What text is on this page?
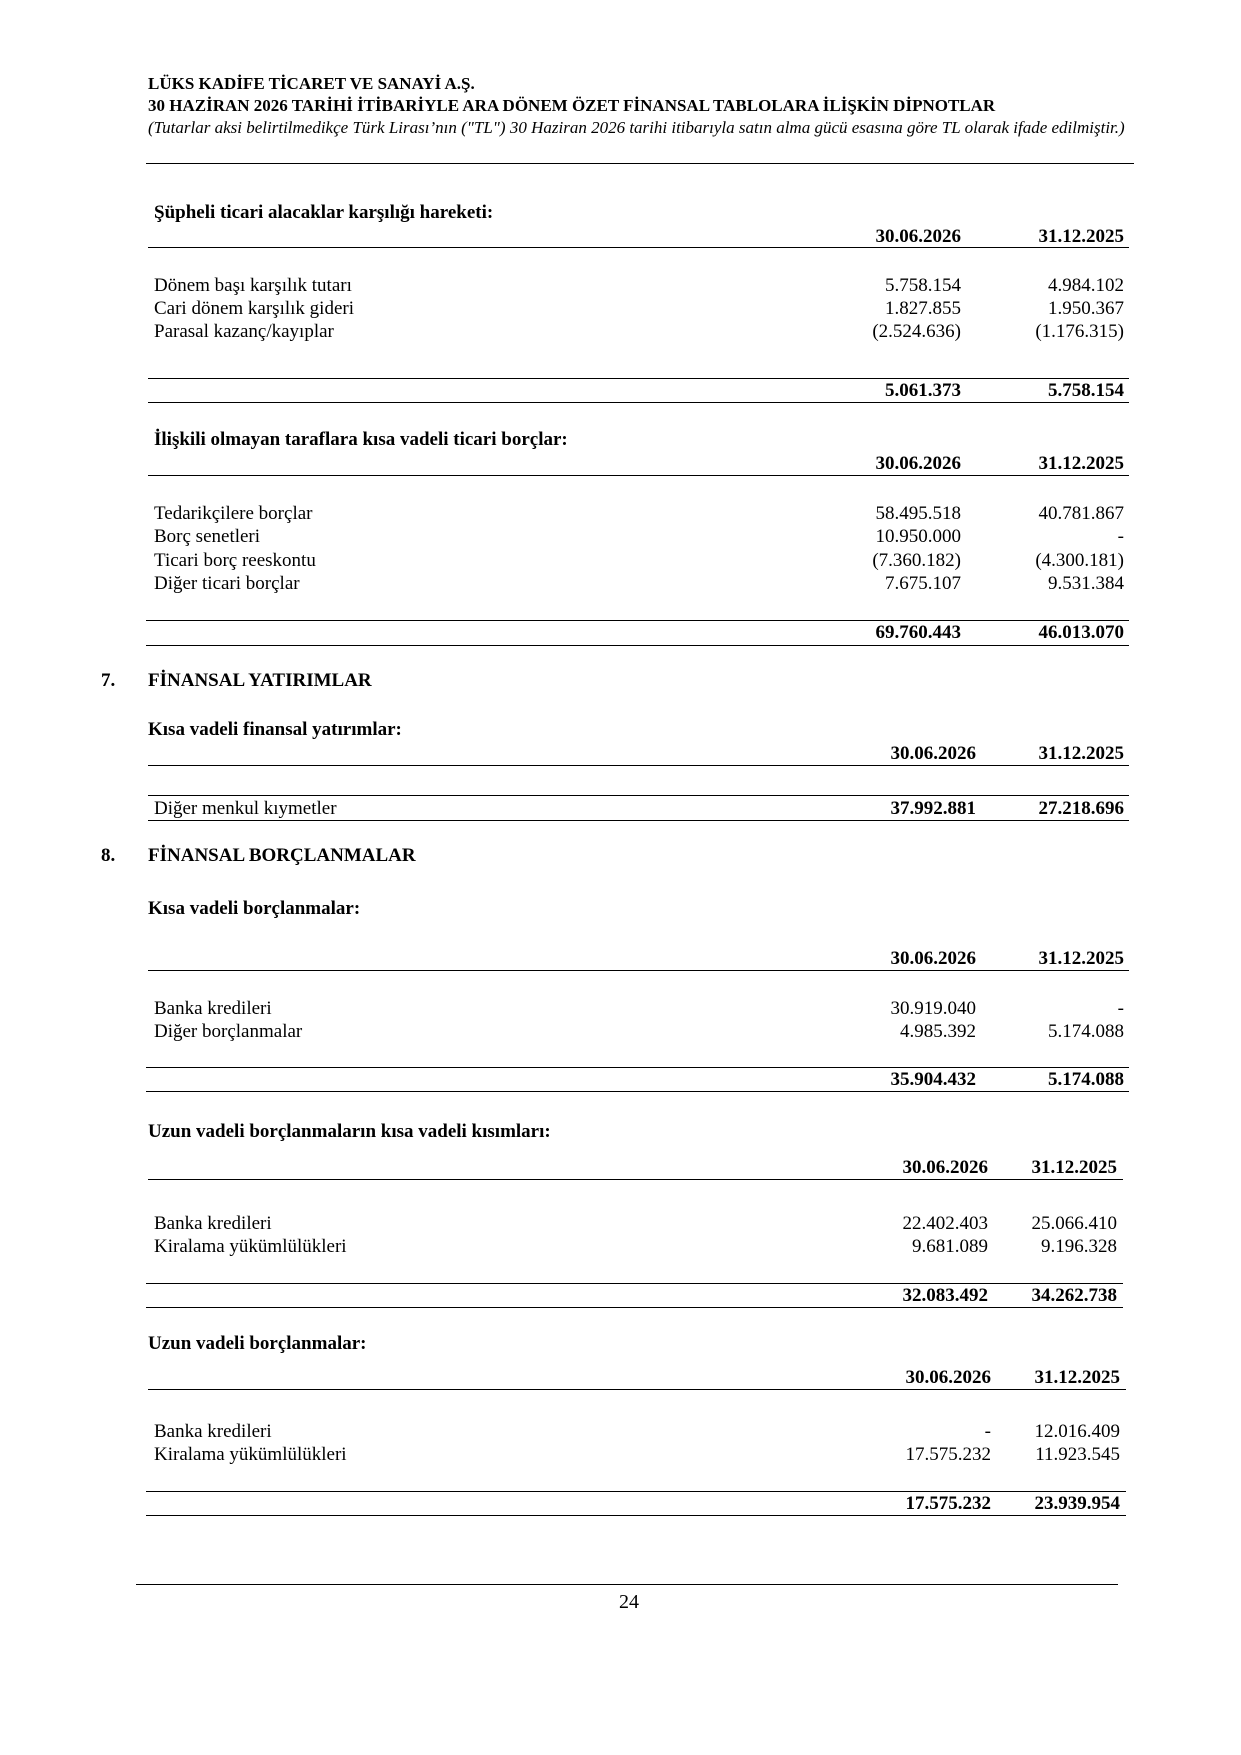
LÜKS KADİFE TİCARET VE SANAYİ A.Ş.
30 HAZİRAN 2026 TARİHİ İTİBARİYLE ARA DÖNEM ÖZET FİNANSAL TABLOLARA İLİŞKİN DİPNOTLAR
(Tutarlar aksi belirtilmedikçe Türk Lirası’nın ("TL") 30 Haziran 2026 tarihi itibarıyla satın alma gücü esasına göre TL olarak ifade edilmiştir.)
Şüpheli ticari alacaklar karşılığı hareketi:
30.06.2026	31.12.2025
Dönem başı karşılık tutarı	5.758.154	4.984.102
Cari dönem karşılık gideri	1.827.855	1.950.367
Parasal kazanç/kayıplar	(2.524.636)	(1.176.315)
5.061.373	5.758.154
İlişkili olmayan taraflara kısa vadeli ticari borçlar:
30.06.2026	31.12.2025
Tedarikçilere borçlar	58.495.518	40.781.867
Borç senetleri	10.950.000	-
Ticari borç reeskontu	(7.360.182)	(4.300.181)
Diğer ticari borçlar	7.675.107	9.531.384
69.760.443	46.013.070
7. FİNANSAL YATIRIMLAR
Kısa vadeli finansal yatırımlar:
30.06.2026	31.12.2025
Diğer menkul kıymetler	37.992.881	27.218.696
8. FİNANSAL BORÇLANMALAR
Kısa vadeli borçlanmalar:
30.06.2026	31.12.2025
Banka kredileri	30.919.040	-
Diğer borçlanmalar	4.985.392	5.174.088
35.904.432	5.174.088
Uzun vadeli borçlanmaların kısa vadeli kısımları:
30.06.2026 31.12.2025
Banka kredileri	22.402.403 25.066.410
Kiralama yükümlülükleri	9.681.089	9.196.328
32.083.492 34.262.738
Uzun vadeli borçlanmalar:
30.06.2026 31.12.2025
Banka kredileri	- 12.016.409
Kiralama yükümlülükleri	17.575.232 11.923.545
17.575.232 23.939.954
24
